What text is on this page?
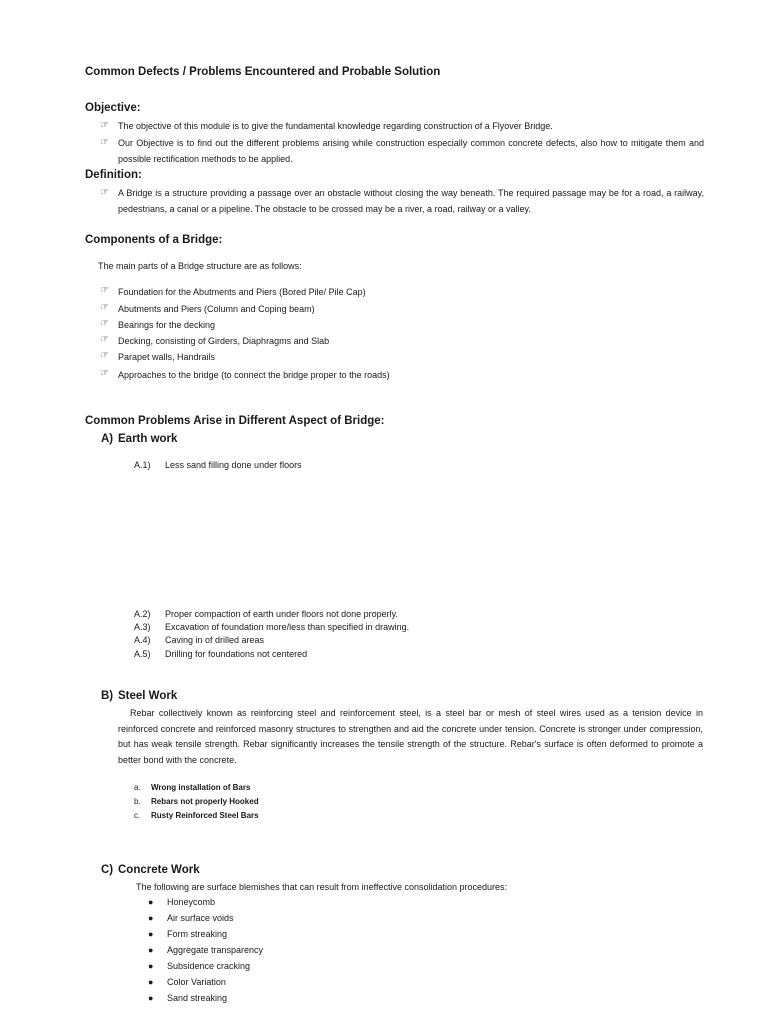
Common Defects / Problems Encountered and Probable Solution
Objective:
☞	The objective of this module is to give the fundamental knowledge regarding construction of a Flyover Bridge.
☞	Our Objective is to find out the different problems arising while construction especially common concrete defects, also how to mitigate them and possible rectification methods to be applied.
Definition:
☞	A Bridge is a structure providing a passage over an obstacle without closing the way beneath. The required passage may be for a road, a railway, pedestrians, a canal or a pipeline. The obstacle to be crossed may be a river, a road, railway or a valley.
Components of a Bridge:
The main parts of a Bridge structure are as follows:
☞	Foundation for the Abutments and Piers (Bored Pile/ Pile Cap)
☞	Abutments and Piers (Column and Coping beam)
☞	Bearings for the decking
☞	Decking, consisting of Girders, Diaphragms and Slab
☞	Parapet walls, Handrails
☞	Approaches to the bridge (to connect the bridge proper to the roads)
Common Problems Arise in Different Aspect of Bridge:
A) Earth work
A.1)	Less sand filling done under floors
A.2)	Proper compaction of earth under floors not done properly.
A.3)	Excavation of foundation more/less than specified in drawing.
A.4)	Caving in of drilled areas
A.5)	Drilling for foundations not centered
B) Steel Work
Rebar collectively known as reinforcing steel and reinforcement steel, is a steel bar or mesh of steel wires used as a tension device in reinforced concrete and reinforced masonry structures to strengthen and aid the concrete under tension. Concrete is stronger under compression, but has weak tensile strength. Rebar significantly increases the tensile strength of the structure. Rebar's surface is often deformed to promote a better bond with the concrete.
a.	Wrong installation of Bars
b.	Rebars not properly Hooked
c.	Rusty Reinforced Steel Bars
C) Concrete Work
The following are surface blemishes that can result from ineffective consolidation procedures:
●	Honeycomb
●	Air surface voids
●	Form streaking
●	Aggregate transparency
●	Subsidence cracking
●	Color Variation
●	Sand streaking
